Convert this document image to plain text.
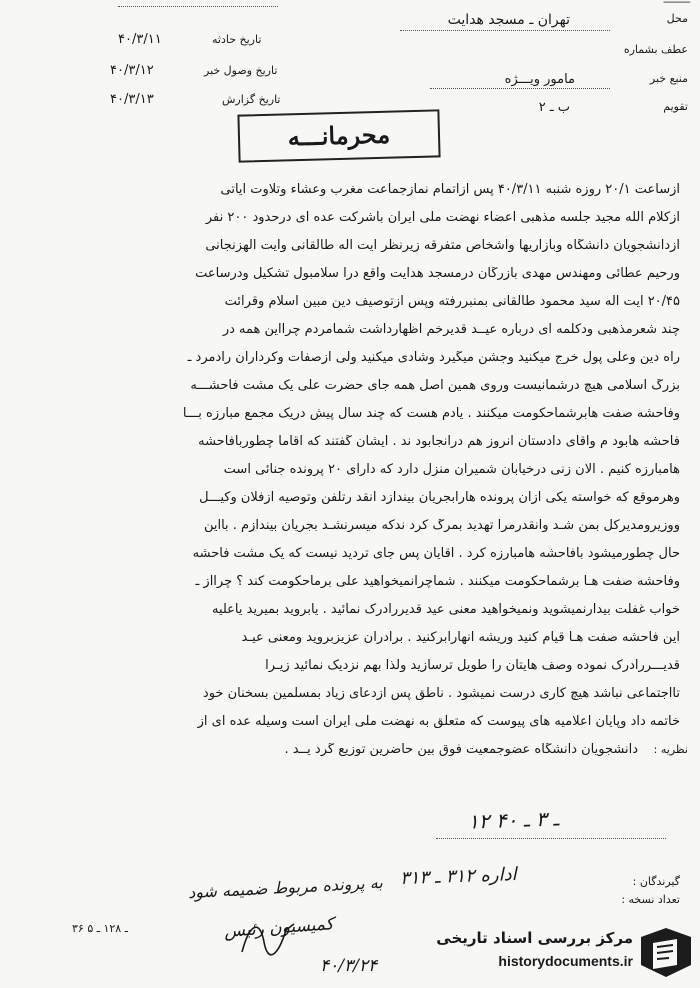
────
محل
تهران ـ مسجد هدایت
عطف بشماره
منبع خبر
مامور ویـــژه
تقویم
ب ـ ۲
تاریخ حادثه
۴۰/۳/۱۱
تاریخ وصول خبر
۴۰/۳/۱۲
تاریخ گزارش
۴۰/۳/۱۳
محرمانـــه
ازساعت ۲۰/۱ روزه شنبه ۴۰/۳/۱۱ پس ازاتمام نمازجماعت مغرب وعشاء وتلاوت آیاتی
ازکلام الله مجید جلسه مذهبی اعضاء نهضت ملی ایران باشرکت عده ای درحدود ۲۰۰ نفر
ازدانشجویان دانشگاه وبازاریها واشخاص متفرقه زیرنظر آیت اله طالقانی وآیت الهزنجانی
ورحیم عطائی ومهندس مهدی بازرگان درمسجد هدایت واقع درا سلامبول تشکیل ودرساعت
۲۰/۴۵ آیت اله سید محمود طالقانی بمنبررفته وپس ازتوصیف دین مبین اسلام وقرائت
چند شعرمذهبی ودکلمه ای درباره عیــد قدیرخم اظهارداشت شمامردم چرااین همه در
راه دین وعلی پول خرج میکنید وجشن میگیرد وشادی میکنید ولی ازصفات وکردارآن رادمرد ـ
بزرگ اسلامی هیچ درشمانیست وروی همین اصل همه جای حضرت علی یک مشت فاحشـــه
وفاحشه صفت هابرشماحکومت میکنند . یادم هست که چند سال پیش دریک مجمع مبارزه بـــا
فاحشه هابود م وآقای دادستان آنروز هم درآنجابود ند . ایشان گفتند که آقاما چطوربافاحشه
هامبارزه کنیم . الان زنی درخیابان شمیران منزل دارد که دارای ۲۰ پرونده جنائی است
وهرموقع که خواسته یکی ازآن پرونده هارابجریان بیندازد آنقد رتلفن وتوصیه ازفلان وکیـــل
ووزیرومدیرکل بمن شـد وآنقدرمرا تهدید بمرگ کرد ندکه میسرنشـد بجریان بیندازم . بااین
حال چطورمیشود بافاحشه هامبارزه کرد . آقایان پس جای تردید نیست که یک مشت فاحشه
وفاحشه صفت هـا برشماحکومت میکنند . شماچرانمیخواهید علی برماحکومت کند ؟ چرااز ـ
خواب غفلت بیدارنمیشوید ونمیخواهید معنی عید قدیررادرک نمائید . یابروید بمیرید یاعلیه
این فاحشه صفت هـا قیام کنید وریشه آنهارابرکنید . برادران عزیزبروید ومعنی عیـد
قدیـــررادرک نموده وصف هایتان را طویل ترسازید ولذا بهم نزدیک نمائید زیـرا
تااجتماعی نباشد هیچ کاری درست نمیشود . ناطق پس ازدعای زیاد بمسلمین بسخنان خود
خاتمه داد وپایان اعلامیه های پیوست که متعلق به نهضت ملی ایران است وسیله عده ای از
دانشجویان دانشگاه عضوجمعیت فوق بین حاضرین توزیع گرد یــد . نظریه :
۱۲ ـ ۳ ـ ۴۰
گیرندگان :
تعداد نسخه :
اداره ۳۱۲ ـ ۳۱۳
به پرونده مربوط ضمیمه شود
کمیسیون رئیس
۴۰/۳/۲۴
۳۶ ـ ۱۲۸ ـ ۵
مرکز بررسی اسناد تاریخی
historydocuments.ir
